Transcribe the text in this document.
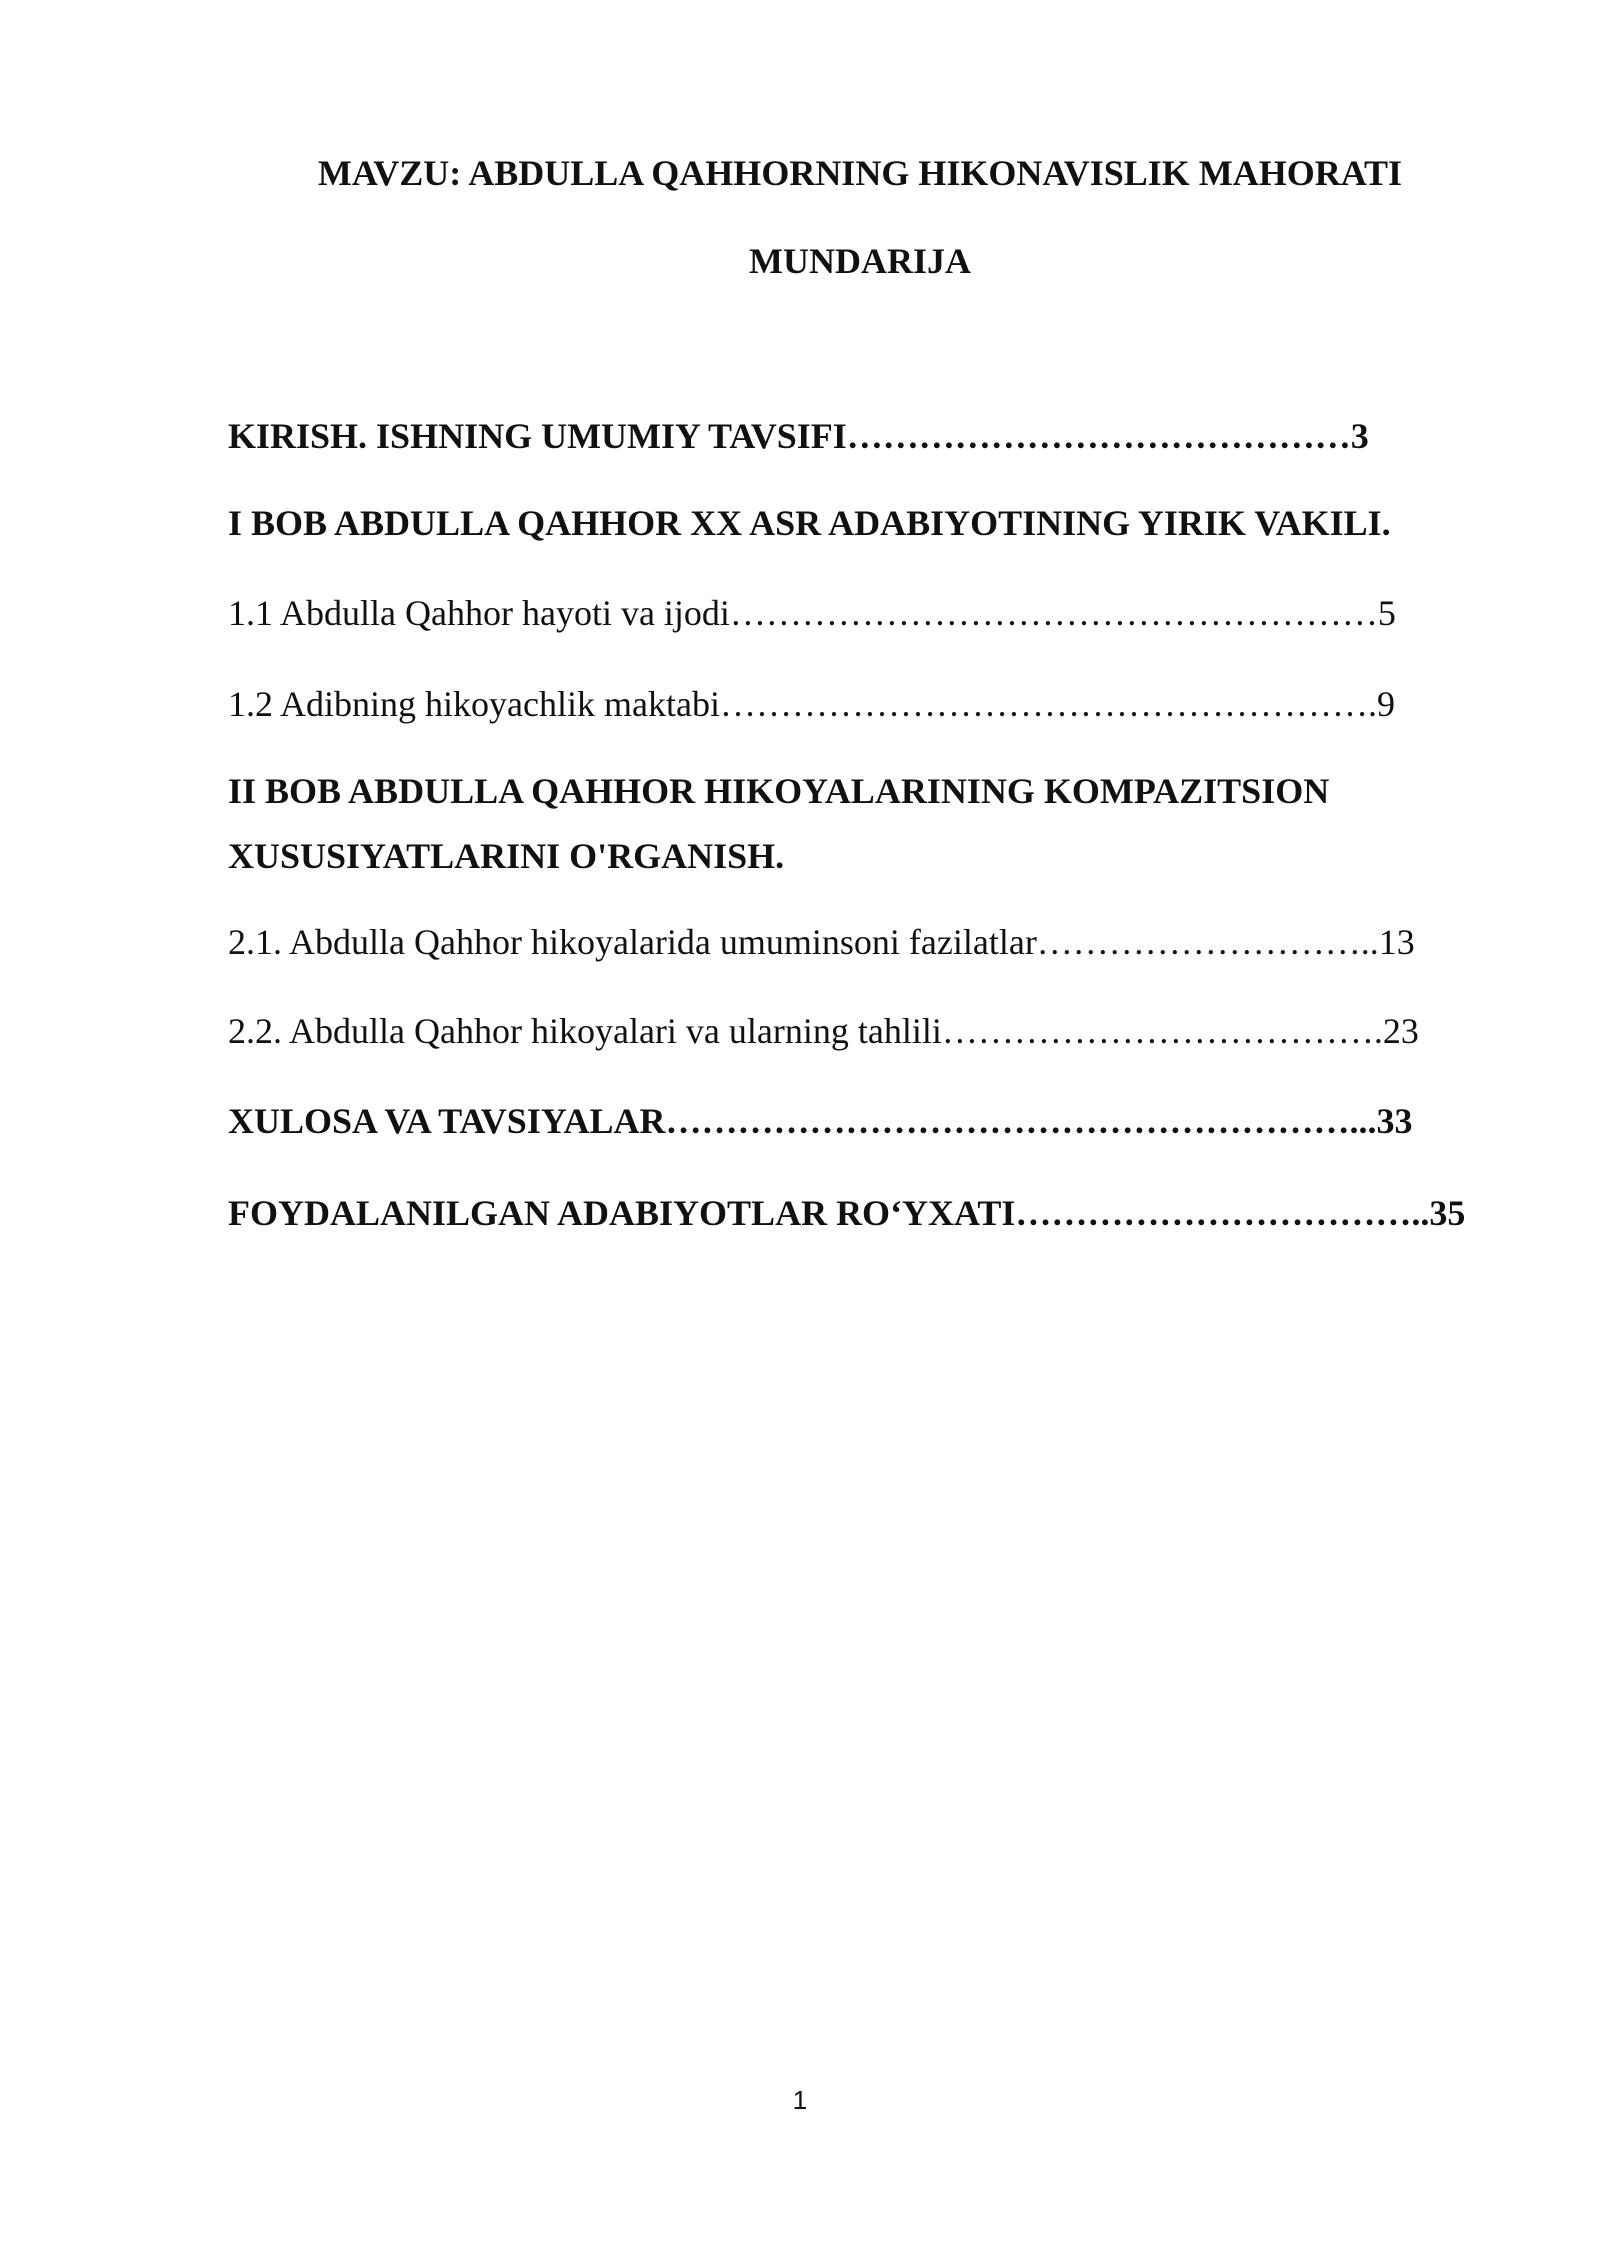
MAVZU: ABDULLA QAHHORNING HIKONAVISLIK MAHORATI
MUNDARIJA
KIRISH. ISHNING UMUMIY TAVSIFI……………………………………3
I BOB ABDULLA QAHHOR XX ASR ADABIYOTINING YIRIK VAKILI.
1.1 Abdulla Qahhor hayoti va ijodi………………………………………………5
1.2 Adibning hikoyachlik maktabi……………………………………………….9
II BOB ABDULLA QAHHOR HIKOYALARINING KOMPAZITSION
XUSUSIYATLARINI O'RGANISH.
2.1. Abdulla Qahhor hikoyalarida umuminsoni fazilatlar………………………..13
2.2. Abdulla Qahhor hikoyalari va ularning tahlili……………………………….23
XULOSA VA TAVSIYALAR…………………………………………………...33
FOYDALANILGAN ADABIYOTLAR RO‘YXATI……………………………..35
1
